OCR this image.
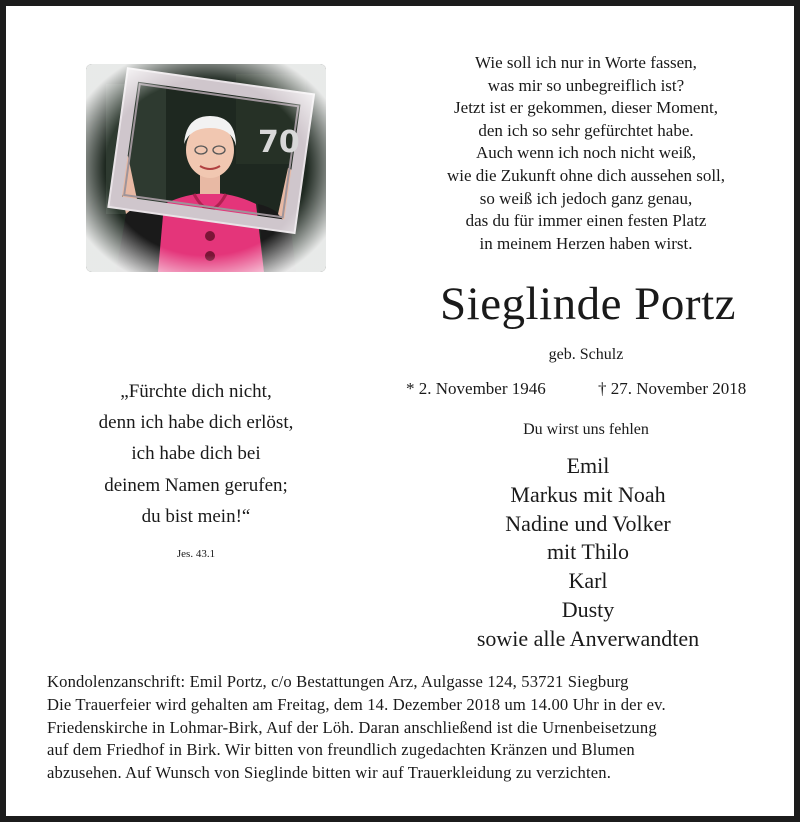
Wie soll ich nur in Worte fassen,
was mir so unbegreiflich ist?
Jetzt ist er gekommen, dieser Moment,
den ich so sehr gefürchtet habe.
Auch wenn ich noch nicht weiß,
wie die Zukunft ohne dich aussehen soll,
so weiß ich jedoch ganz genau,
das du für immer einen festen Platz
in meinem Herzen haben wirst.
Sieglinde Portz
geb. Schulz
* 2. November 1946	† 27. November 2018
Du wirst uns fehlen
Emil
Markus mit Noah
Nadine und Volker
mit Thilo
Karl
Dusty
sowie alle Anverwandten
„Fürchte dich nicht,
denn ich habe dich erlöst,
ich habe dich bei
deinem Namen gerufen;
du bist mein!“
Jes. 43.1
Kondolenzanschrift: Emil Portz, c/o Bestattungen Arz, Aulgasse 124, 53721 Siegburg
Die Trauerfeier wird gehalten am Freitag, dem 14. Dezember 2018 um 14.00 Uhr in der ev.
Friedenskirche in Lohmar-Birk, Auf der Löh. Daran anschließend ist die Urnenbeisetzung
auf dem Friedhof in Birk. Wir bitten von freundlich zugedachten Kränzen und Blumen
abzusehen. Auf Wunsch von Sieglinde bitten wir auf Trauerkleidung zu verzichten.
